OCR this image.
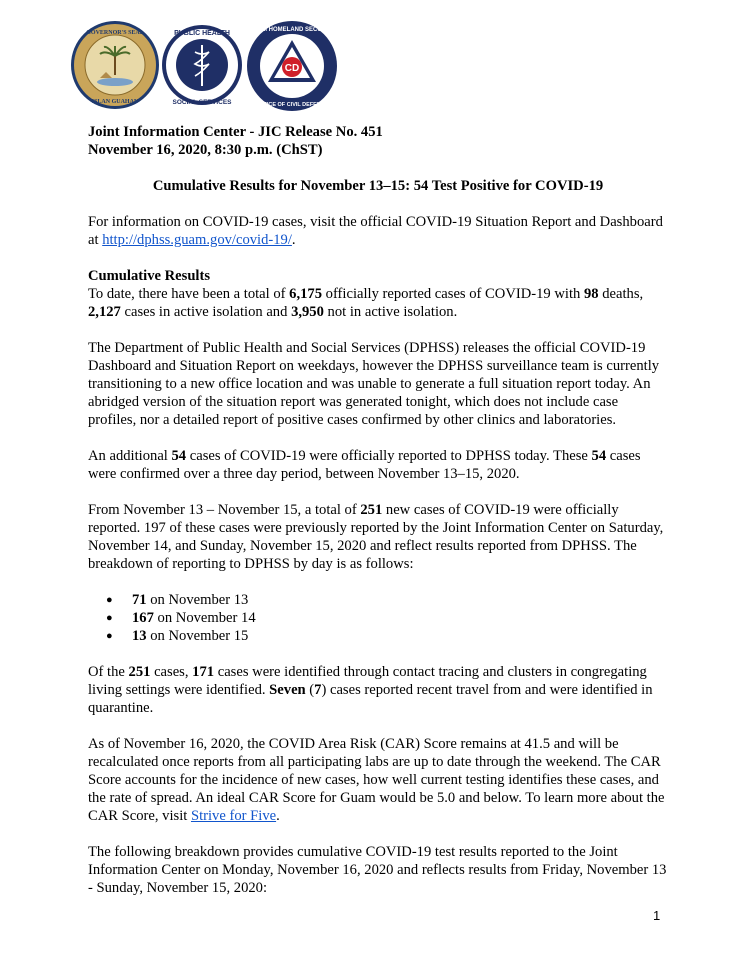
GOVERNOR'S SEAL
ISLAN GUAHAN
PUBLIC HEALTH
SOCIAL SERVICES
CD
GUAM HOMELAND SECURITY
OFFICE OF CIVIL DEFENSE

Joint Information Center - JIC Release No. 451

November 16, 2020, 8:30 p.m. (ChST)

Cumulative Results for November 13–15: 54 Test Positive for COVID-19

For information on COVID-19 cases, visit the official COVID-19 Situation Report and Dashboard at http://dphss.guam.gov/covid-19/.

Cumulative Results

To date, there have been a total of 6,175 officially reported cases of COVID-19 with 98 deaths, 2,127 cases in active isolation and 3,950 not in active isolation.

The Department of Public Health and Social Services (DPHSS) releases the official COVID-19 Dashboard and Situation Report on weekdays, however the DPHSS surveillance team is currently transitioning to a new office location and was unable to generate a full situation report today. An abridged version of the situation report was generated tonight, which does not include case profiles, nor a detailed report of positive cases confirmed by other clinics and laboratories.

An additional 54 cases of COVID-19 were officially reported to DPHSS today. These 54 cases were confirmed over a three day period, between November 13–15, 2020.

From November 13 – November 15, a total of 251 new cases of COVID-19 were officially reported. 197 of these cases were previously reported by the Joint Information Center on Saturday, November 14, and Sunday, November 15, 2020 and reflect results reported from DPHSS. The breakdown of reporting to DPHSS by day is as follows:

● 71 on November 13
● 167 on November 14
● 13 on November 15

Of the 251 cases, 171 cases were identified through contact tracing and clusters in congregating living settings were identified. Seven (7) cases reported recent travel from and were identified in quarantine.

As of November 16, 2020, the COVID Area Risk (CAR) Score remains at 41.5 and will be recalculated once reports from all participating labs are up to date through the weekend. The CAR Score accounts for the incidence of new cases, how well current testing identifies these cases, and the rate of spread. An ideal CAR Score for Guam would be 5.0 and below. To learn more about the CAR Score, visit Strive for Five.

The following breakdown provides cumulative COVID-19 test results reported to the Joint Information Center on Monday, November 16, 2020 and reflects results from Friday, November 13 - Sunday, November 15, 2020:

1
